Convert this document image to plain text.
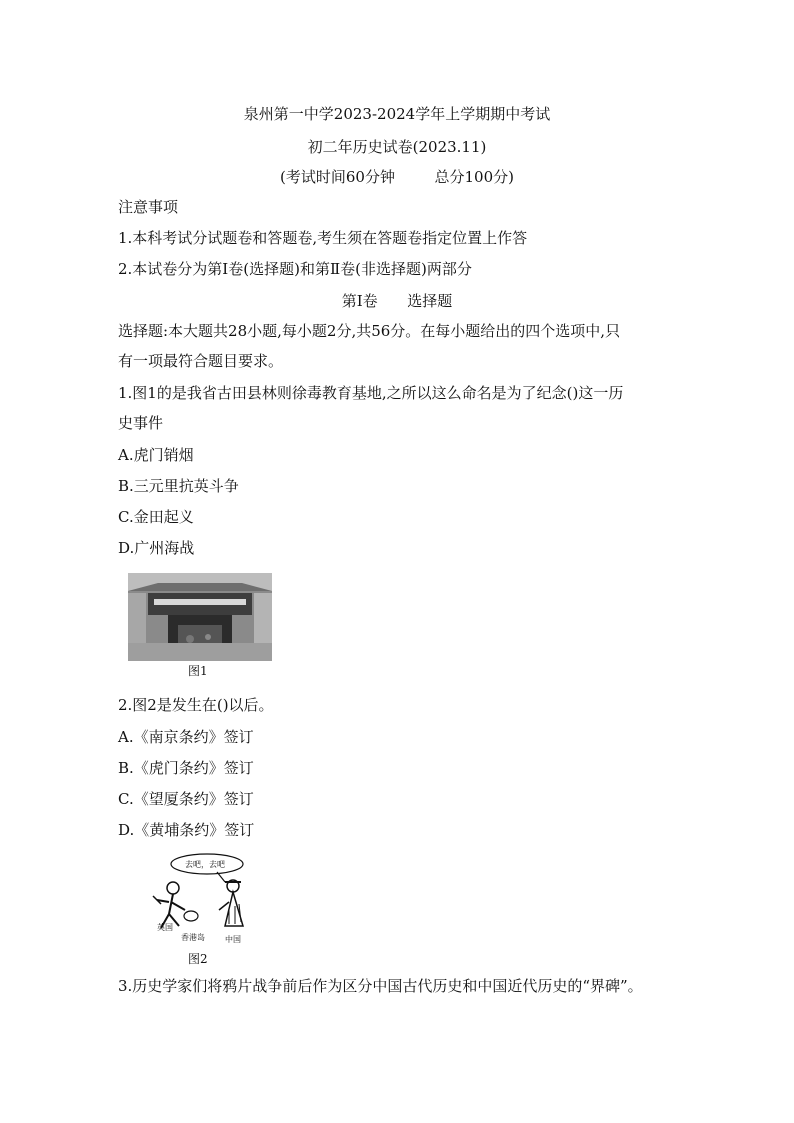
泉州第一中学2023-2024学年上学期期中考试
初二年历史试卷(2023.11)
(考试时间60分钟	总分100分)
注意事项
1.本科考试分试题卷和答题卷,考生须在答题卷指定位置上作答
2.本试卷分为第Ⅰ卷(选择题)和第Ⅱ卷(非选择题)两部分
第Ⅰ卷 选择题
选择题:本大题共28小题,每小题2分,共56分。在每小题给出的四个选项中,只
有一项最符合题目要求。
1.图1的是我省古田县林则徐毒教育基地,之所以这么命名是为了纪念()这一历
史事件
A.虎门销烟
B.三元里抗英斗争
C.金田起义
D.广州海战
图1
2.图2是发生在()以后。
A.《南京条约》签订
B.《虎门条约》签订
C.《望厦条约》签订
D.《黄埔条约》签订
去吧，去吧
英国
香港岛	中国
图2
3.历史学家们将鸦片战争前后作为区分中国古代历史和中国近代历史的“界碑”。
